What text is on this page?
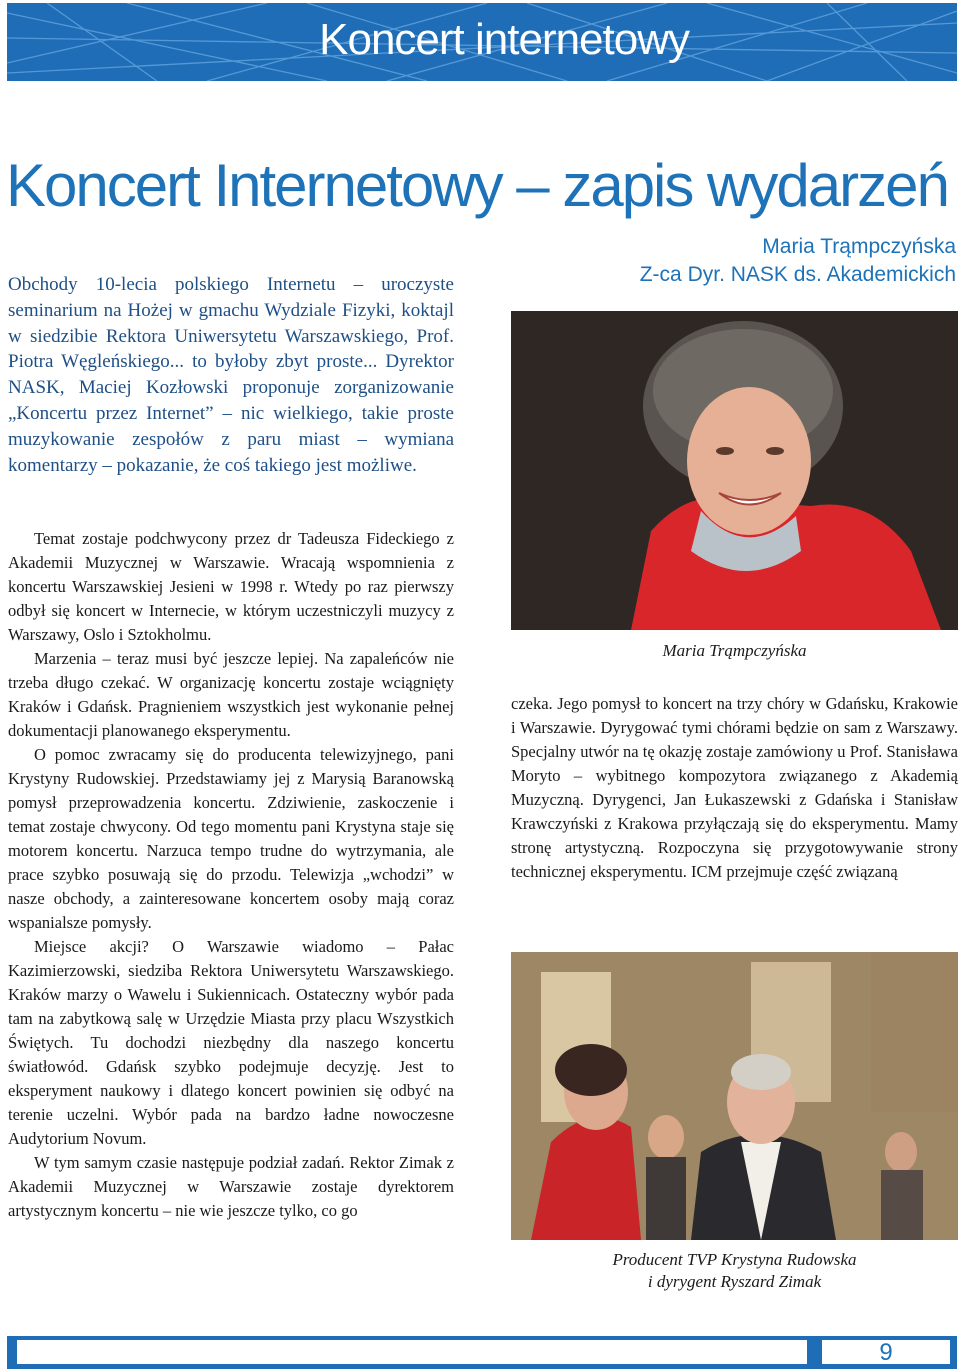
Koncert internetowy
Koncert Internetowy – zapis wydarzeń
Maria Trąmpczyńska
Z-ca Dyr. NASK ds. Akademickich

Obchody 10-lecia polskiego Internetu – uroczyste seminarium na Hożej w gmachu Wydziale Fizyki, koktajl w siedzibie Rektora Uniwersytetu Warszawskiego, Prof. Piotra Węgleńskiego... to byłoby zbyt proste... Dyrektor NASK, Maciej Kozłowski proponuje zorganizowanie „Koncertu przez Internet” – nic wielkiego, takie proste muzykowanie zespołów z paru miast – wymiana komentarzy – pokazanie, że coś takiego jest możliwe.

Temat zostaje podchwycony przez dr Tadeusza Fideckiego z Akademii Muzycznej w Warszawie. Wracają wspomnienia z koncertu Warszawskiej Jesieni w 1998 r. Wtedy po raz pierwszy odbył się koncert w Internecie, w którym uczestniczyli muzycy z Warszawy, Oslo i Sztokholmu.

Marzenia – teraz musi być jeszcze lepiej. Na zapaleńców nie trzeba długo czekać. W organizację koncertu zostaje wciągnięty Kraków i Gdańsk. Pragnieniem wszystkich jest wykonanie pełnej dokumentacji planowanego eksperymentu.

O pomoc zwracamy się do producenta telewizyjnego, pani Krystyny Rudowskiej. Przedstawiamy jej z Marysią Baranowską pomysł przeprowadzenia koncertu. Zdziwienie, zaskoczenie i temat zostaje chwycony. Od tego momentu pani Krystyna staje się motorem koncertu. Narzuca tempo trudne do wytrzymania, ale prace szybko posuwają się do przodu. Telewizja „wchodzi” w nasze obchody, a zainteresowane koncertem osoby mają coraz wspanialsze pomysły.

Miejsce akcji? O Warszawie wiadomo – Pałac Kazimierzowski, siedziba Rektora Uniwersytetu Warszawskiego. Kraków marzy o Wawelu i Sukiennicach. Ostateczny wybór pada tam na zabytkową salę w Urzędzie Miasta przy placu Wszystkich Świętych. Tu dochodzi niezbędny dla naszego koncertu światłowód. Gdańsk szybko podejmuje decyzję. Jest to eksperyment naukowy i dlatego koncert powinien się odbyć na terenie uczelni. Wybór pada na bardzo ładne nowoczesne Audytorium Novum.

W tym samym czasie następuje podział zadań. Rektor Zimak z Akademii Muzycznej w Warszawie zostaje dyrektorem artystycznym koncertu – nie wie jeszcze tylko, co go

Maria Trąmpczyńska

czeka. Jego pomysł to koncert na trzy chóry w Gdańsku, Krakowie i Warszawie. Dyrygować tymi chórami będzie on sam z Warszawy. Specjalny utwór na tę okazję zostaje zamówiony u Prof. Stanisława Moryto – wybitnego kompozytora związanego z Akademią Muzyczną. Dyrygenci, Jan Łukaszewski z Gdańska i Stanisław Krawczyński z Krakowa przyłączają się do eksperymentu. Mamy stronę artystyczną. Rozpoczyna się przygotowywanie strony technicznej eksperymentu. ICM przejmuje część związaną

Producent TVP Krystyna Rudowska
i dyrygent Ryszard Zimak
9
